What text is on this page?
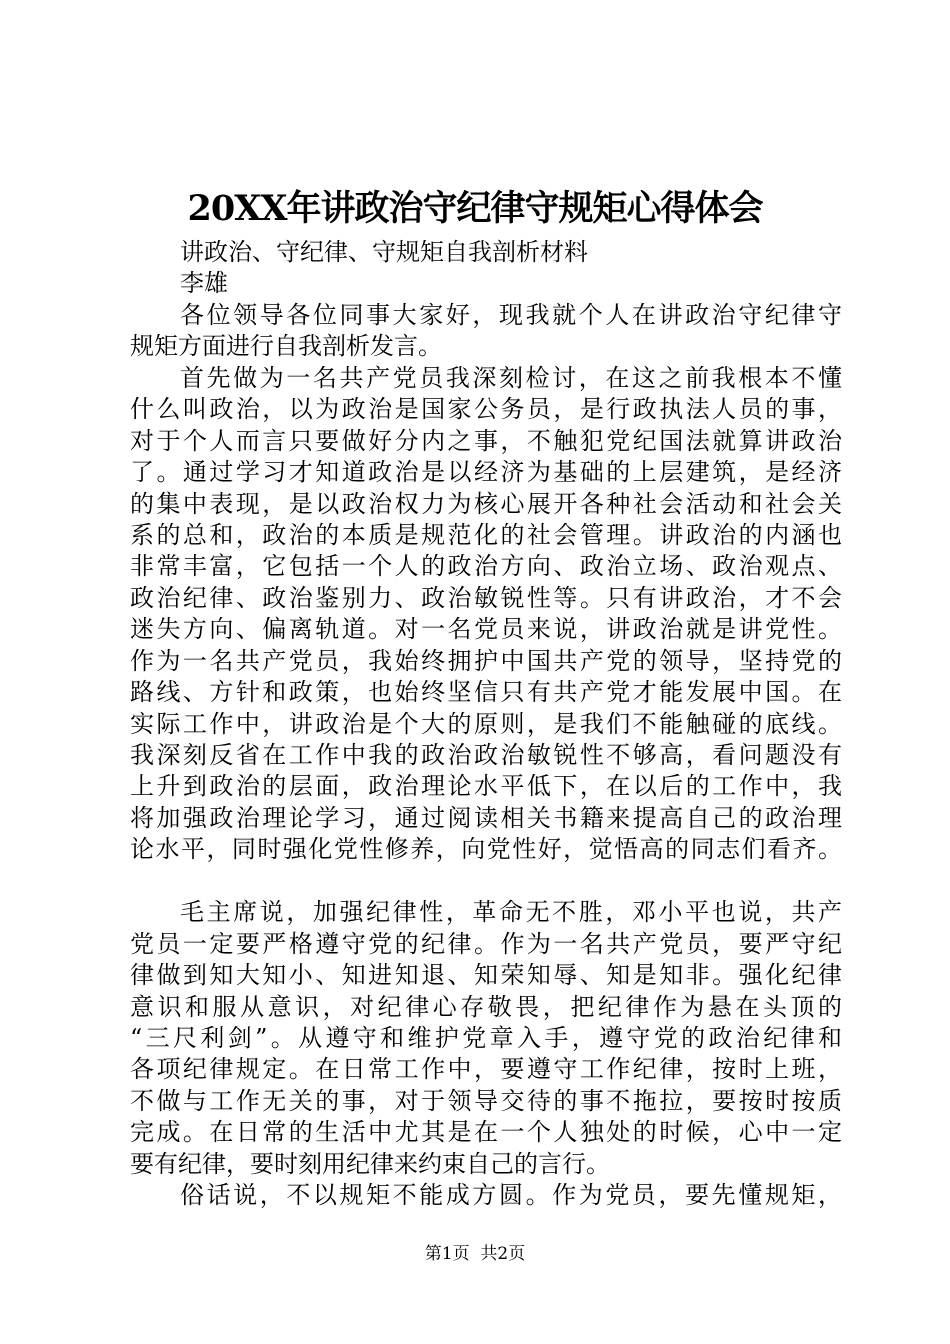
20XX年讲政治守纪律守规矩心得体会
讲政治、守纪律、守规矩自我剖析材料
李雄
各位领导各位同事大家好，现我就个人在讲政治守纪律守
规矩方面进行自我剖析发言。
首先做为一名共产党员我深刻检讨，在这之前我根本不懂
什么叫政治，以为政治是国家公务员，是行政执法人员的事，
对于个人而言只要做好分内之事，不触犯党纪国法就算讲政治
了。通过学习才知道政治是以经济为基础的上层建筑，是经济
的集中表现，是以政治权力为核心展开各种社会活动和社会关
系的总和，政治的本质是规范化的社会管理。讲政治的内涵也
非常丰富，它包括一个人的政治方向、政治立场、政治观点、
政治纪律、政治鉴别力、政治敏锐性等。只有讲政治，才不会
迷失方向、偏离轨道。对一名党员来说，讲政治就是讲党性。
作为一名共产党员，我始终拥护中国共产党的领导，坚持党的
路线、方针和政策，也始终坚信只有共产党才能发展中国。在
实际工作中，讲政治是个大的原则，是我们不能触碰的底线。
我深刻反省在工作中我的政治政治敏锐性不够高，看问题没有
上升到政治的层面，政治理论水平低下，在以后的工作中，我
将加强政治理论学习，通过阅读相关书籍来提高自己的政治理
论水平，同时强化党性修养，向党性好，觉悟高的同志们看齐。
毛主席说，加强纪律性，革命无不胜，邓小平也说，共产
党员一定要严格遵守党的纪律。作为一名共产党员，要严守纪
律做到知大知小、知进知退、知荣知辱、知是知非。强化纪律
意识和服从意识，对纪律心存敬畏，把纪律作为悬在头顶的
“三尺利剑”。从遵守和维护党章入手，遵守党的政治纪律和
各项纪律规定。在日常工作中，要遵守工作纪律，按时上班，
不做与工作无关的事，对于领导交待的事不拖拉，要按时按质
完成。在日常的生活中尤其是在一个人独处的时候，心中一定
要有纪律，要时刻用纪律来约束自己的言行。
俗话说，不以规矩不能成方圆。作为党员，要先懂规矩，
第1页  共2页
